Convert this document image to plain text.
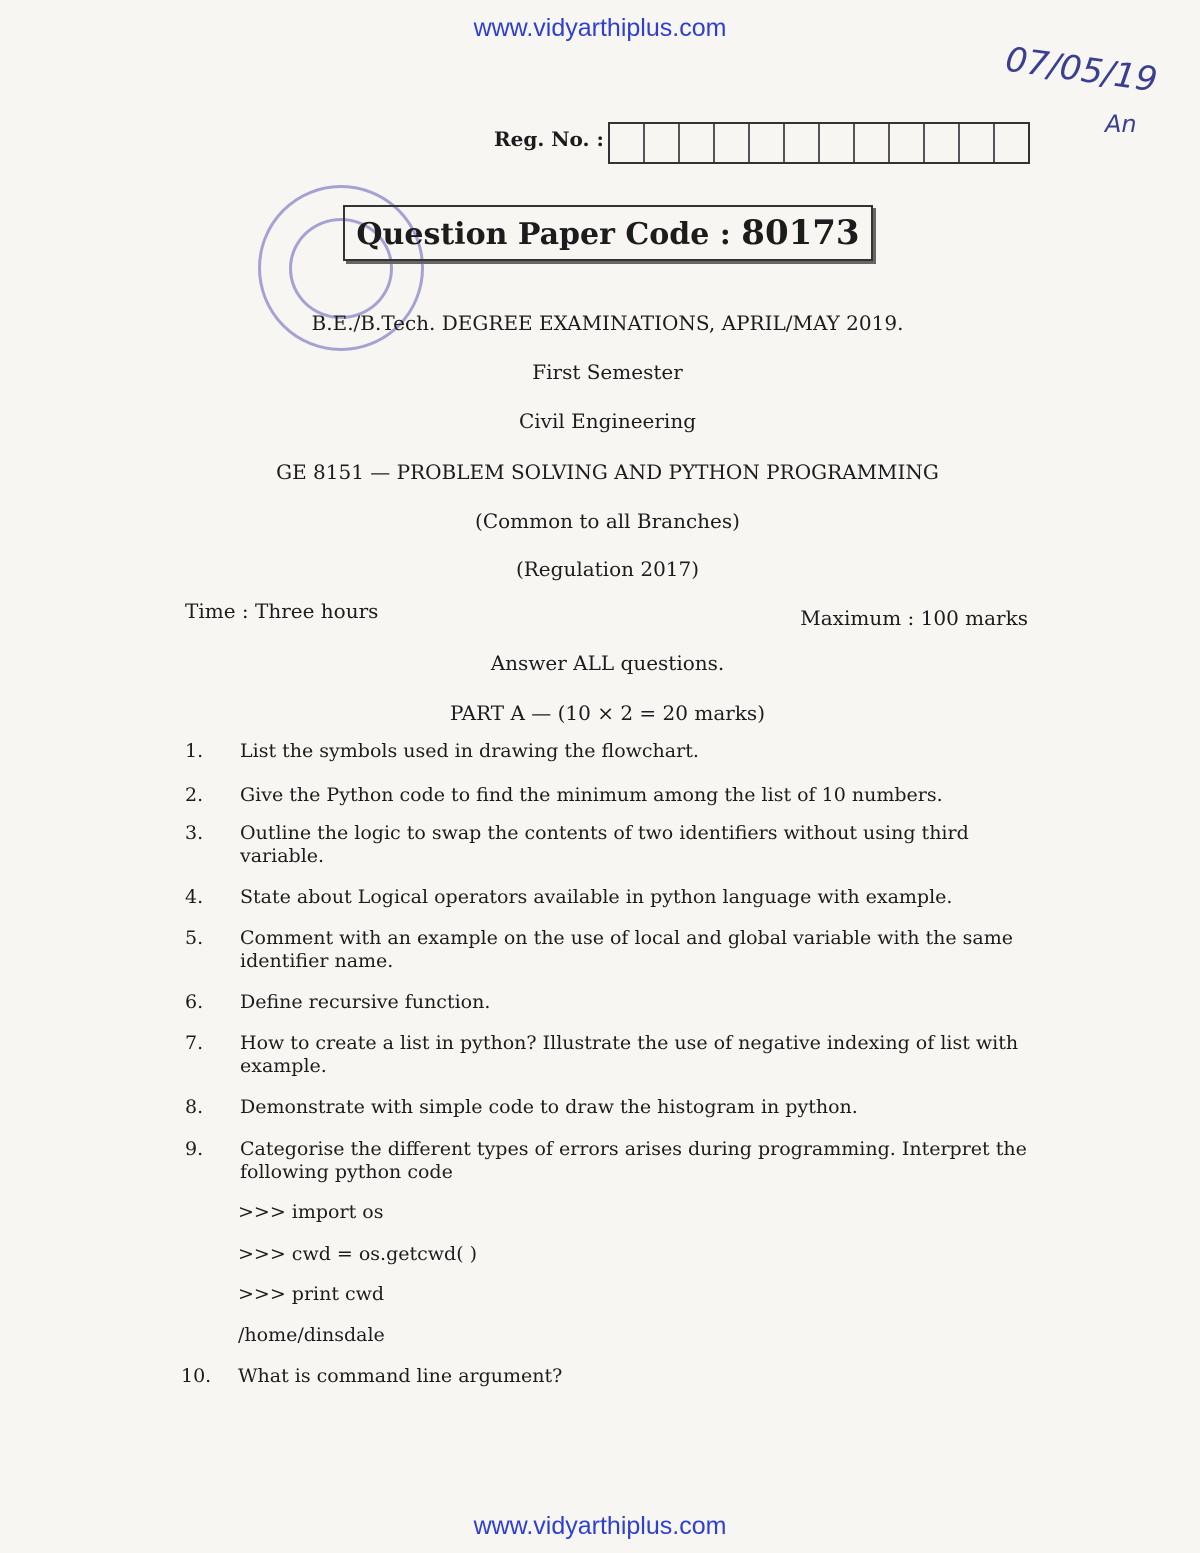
www.vidyarthiplus.com
07/05/19
An
Reg. No. :
Question Paper Code : 80173
B.E./B.Tech. DEGREE EXAMINATIONS, APRIL/MAY 2019.
First Semester
Civil Engineering
GE 8151 — PROBLEM SOLVING AND PYTHON PROGRAMMING
(Common to all Branches)
(Regulation 2017)
Time : Three hours	Maximum : 100 marks
Answer ALL questions.
PART A — (10 × 2 = 20 marks)
1. List the symbols used in drawing the flowchart.
2. Give the Python code to find the minimum among the list of 10 numbers.
3. Outline the logic to swap the contents of two identifiers without using third variable.
4. State about Logical operators available in python language with example.
5. Comment with an example on the use of local and global variable with the same identifier name.
6. Define recursive function.
7. How to create a list in python? Illustrate the use of negative indexing of list with example.
8. Demonstrate with simple code to draw the histogram in python.
9. Categorise the different types of errors arises during programming. Interpret the following python code
>>> import os
>>> cwd = os.getcwd( )
>>> print cwd
/home/dinsdale
10. What is command line argument?
www.vidyarthiplus.com
